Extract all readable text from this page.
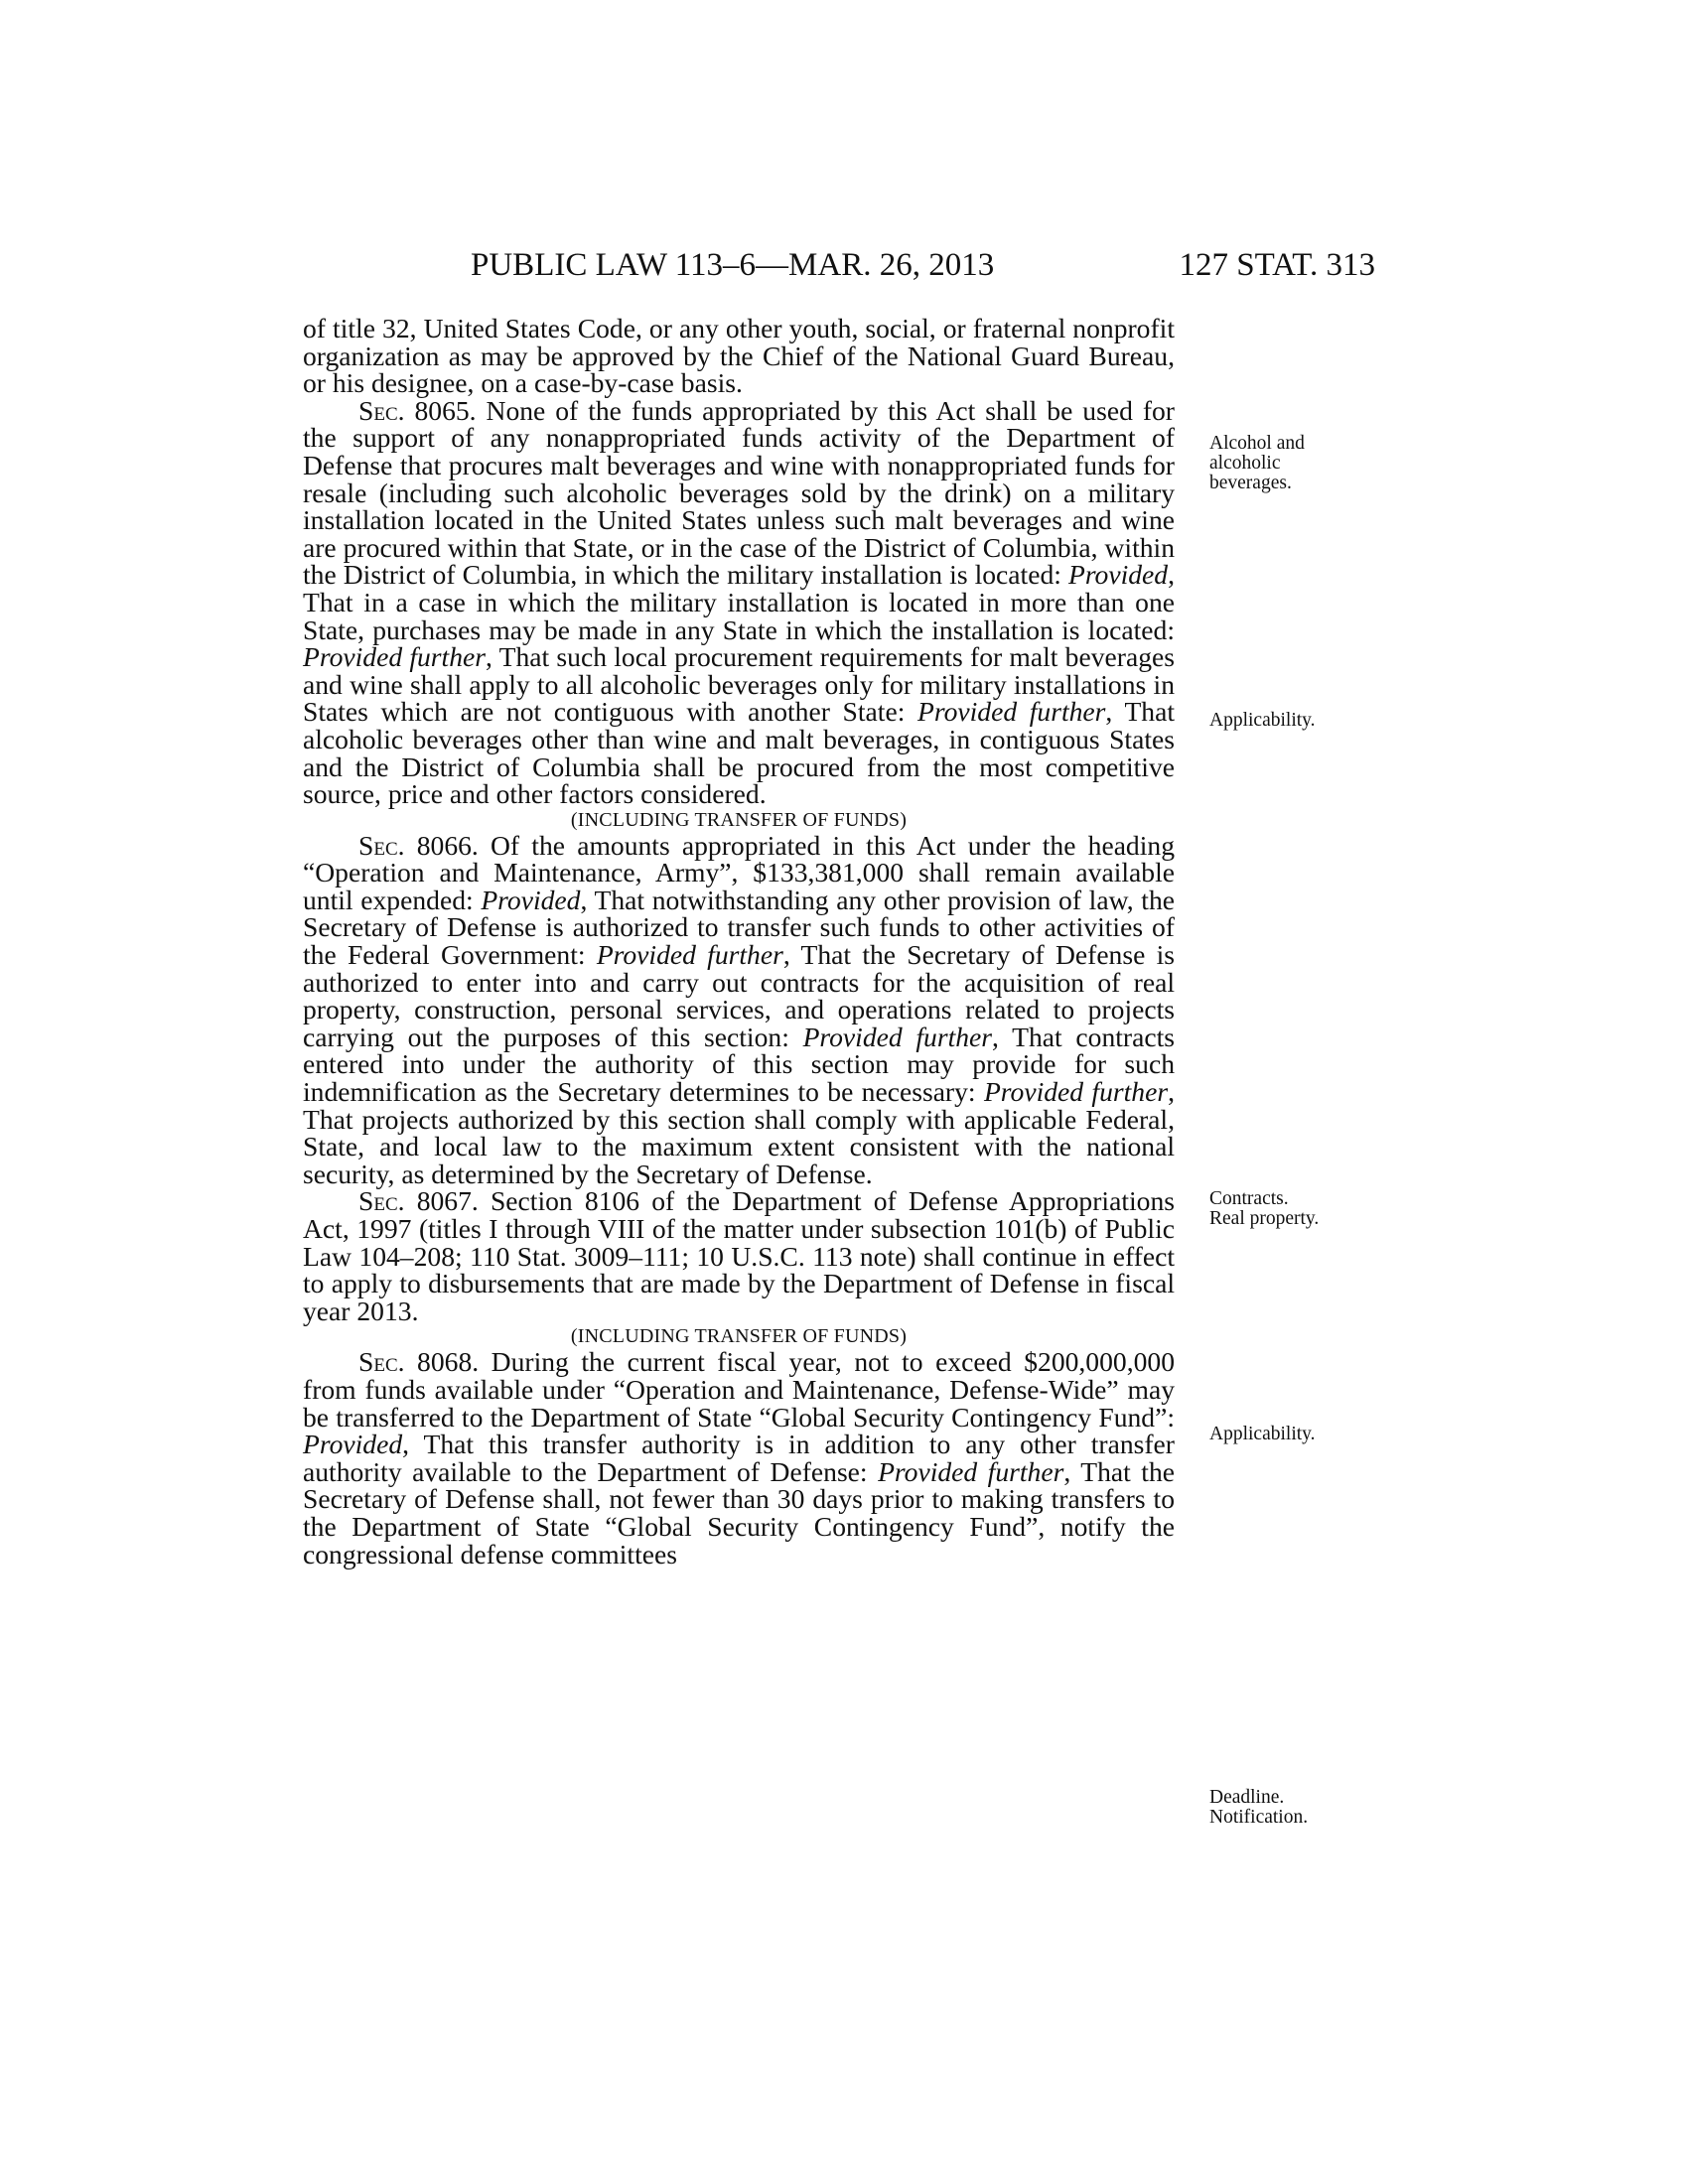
PUBLIC LAW 113–6—MAR. 26, 2013	127 STAT. 313

of title 32, United States Code, or any other youth, social, or fraternal nonprofit organization as may be approved by the Chief of the National Guard Bureau, or his designee, on a case-by-case basis.

Sec. 8065. None of the funds appropriated by this Act shall be used for the support of any nonappropriated funds activity of the Department of Defense that procures malt beverages and wine with nonappropriated funds for resale (including such alcoholic beverages sold by the drink) on a military installation located in the United States unless such malt beverages and wine are procured within that State, or in the case of the District of Columbia, within the District of Columbia, in which the military installation is located: Provided, That in a case in which the military installation is located in more than one State, purchases may be made in any State in which the installation is located: Provided further, That such local procurement requirements for malt beverages and wine shall apply to all alcoholic beverages only for military installations in States which are not contiguous with another State: Provided further, That alcoholic beverages other than wine and malt beverages, in contiguous States and the District of Columbia shall be procured from the most competitive source, price and other factors considered.

(INCLUDING TRANSFER OF FUNDS)

Sec. 8066. Of the amounts appropriated in this Act under the heading “Operation and Maintenance, Army”, $133,381,000 shall remain available until expended: Provided, That notwithstanding any other provision of law, the Secretary of Defense is authorized to transfer such funds to other activities of the Federal Government: Provided further, That the Secretary of Defense is authorized to enter into and carry out contracts for the acquisition of real property, construction, personal services, and operations related to projects carrying out the purposes of this section: Provided further, That contracts entered into under the authority of this section may provide for such indemnification as the Secretary determines to be necessary: Provided further, That projects authorized by this section shall comply with applicable Federal, State, and local law to the maximum extent consistent with the national security, as determined by the Secretary of Defense.

Sec. 8067. Section 8106 of the Department of Defense Appropriations Act, 1997 (titles I through VIII of the matter under subsection 101(b) of Public Law 104–208; 110 Stat. 3009–111; 10 U.S.C. 113 note) shall continue in effect to apply to disbursements that are made by the Department of Defense in fiscal year 2013.

(INCLUDING TRANSFER OF FUNDS)

Sec. 8068. During the current fiscal year, not to exceed $200,000,000 from funds available under “Operation and Maintenance, Defense-Wide” may be transferred to the Department of State “Global Security Contingency Fund”: Provided, That this transfer authority is in addition to any other transfer authority available to the Department of Defense: Provided further, That the Secretary of Defense shall, not fewer than 30 days prior to making transfers to the Department of State “Global Security Contingency Fund”, notify the congressional defense committees

Alcohol and
alcoholic
beverages.
Applicability.
Contracts.
Real property.
Applicability.
Deadline.
Notification.
